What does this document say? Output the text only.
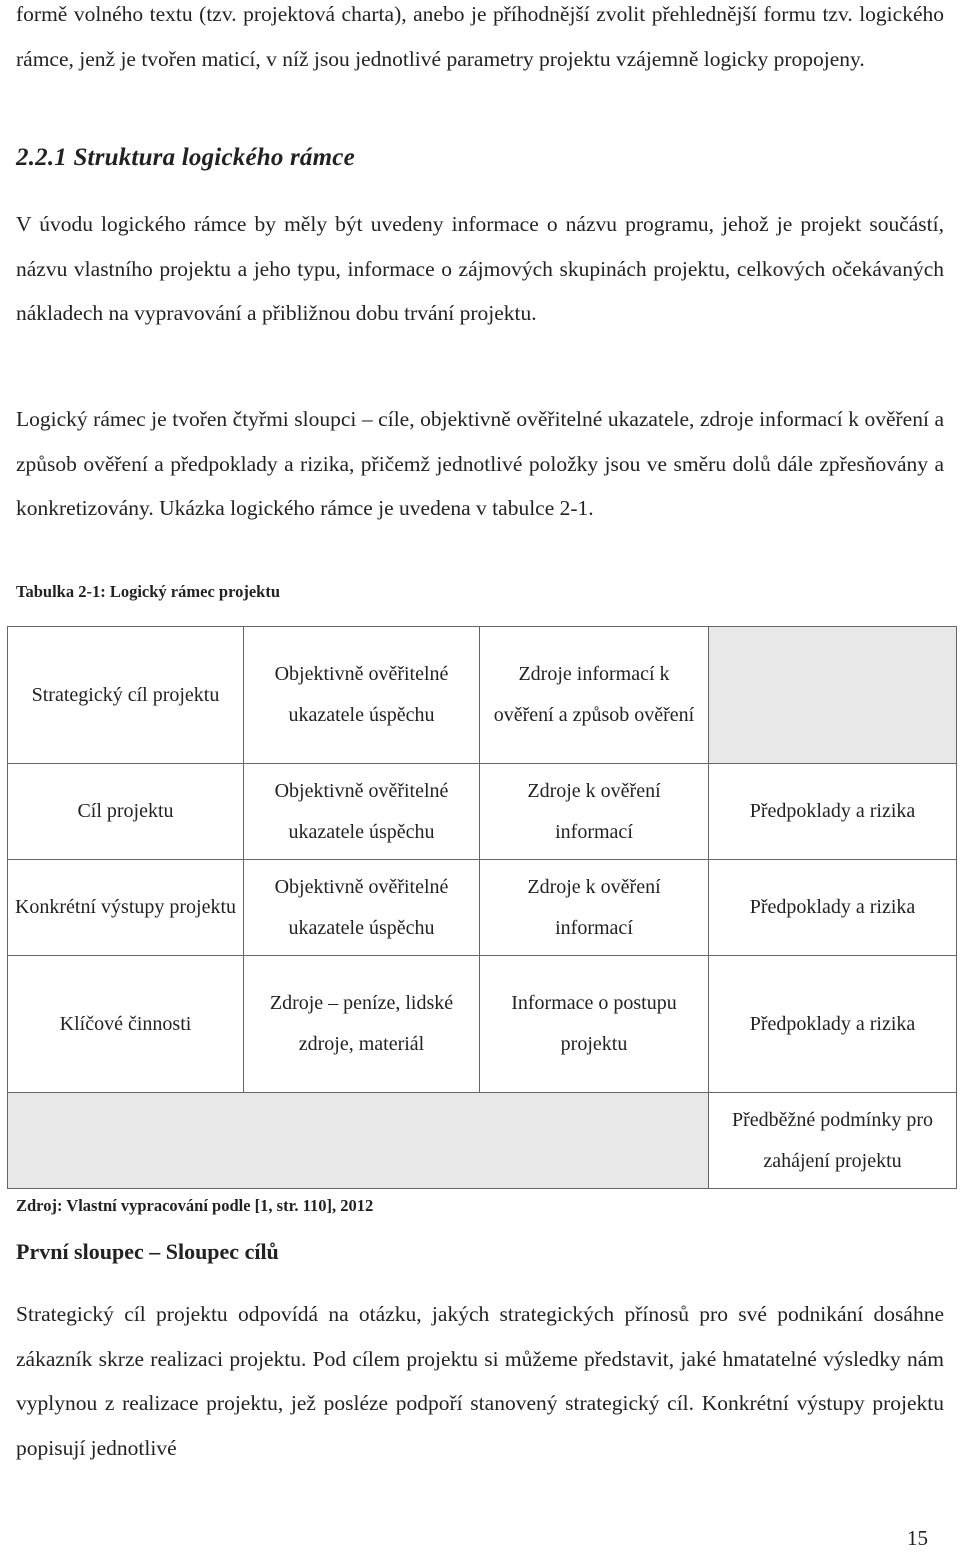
formě volného textu (tzv. projektová charta), anebo je příhodnější zvolit přehlednější formu tzv. logického rámce, jenž je tvořen maticí, v níž jsou jednotlivé parametry projektu vzájemně logicky propojeny.

2.2.1 Struktura logického rámce

V úvodu logického rámce by měly být uvedeny informace o názvu programu, jehož je projekt součástí, názvu vlastního projektu a jeho typu, informace o zájmových skupinách projektu, celkových očekávaných nákladech na vypravování a přibližnou dobu trvání projektu.

Logický rámec je tvořen čtyřmi sloupci – cíle, objektivně ověřitelné ukazatele, zdroje informací k ověření a způsob ověření a předpoklady a rizika, přičemž jednotlivé položky jsou ve směru dolů dále zpřesňovány a konkretizovány. Ukázka logického rámce je uvedena v tabulce 2-1.

Tabulka 2-1: Logický rámec projektu

Zdroj: Vlastní vypracování podle [1, str. 110], 2012

První sloupec – Sloupec cílů

Strategický cíl projektu odpovídá na otázku, jakých strategických přínosů pro své podnikání dosáhne zákazník skrze realizaci projektu. Pod cílem projektu si můžeme představit, jaké hmatatelné výsledky nám vyplynou z realizace projektu, jež posléze podpoří stanovený strategický cíl. Konkrétní výstupy projektu popisují jednotlivé

15

Strategický cíl projektu	Objektivně ověřitelné ukazatele úspěchu	Zdroje informací k ověření a způsob ověření	
Cíl projektu	Objektivně ověřitelné ukazatele úspěchu	Zdroje k ověření informací	Předpoklady a rizika
Konkrétní výstupy projektu	Objektivně ověřitelné ukazatele úspěchu	Zdroje k ověření informací	Předpoklady a rizika
Klíčové činnosti	Zdroje – peníze, lidské zdroje, materiál	Informace o postupu projektu	Předpoklady a rizika
			Předběžné podmínky pro zahájení projektu
